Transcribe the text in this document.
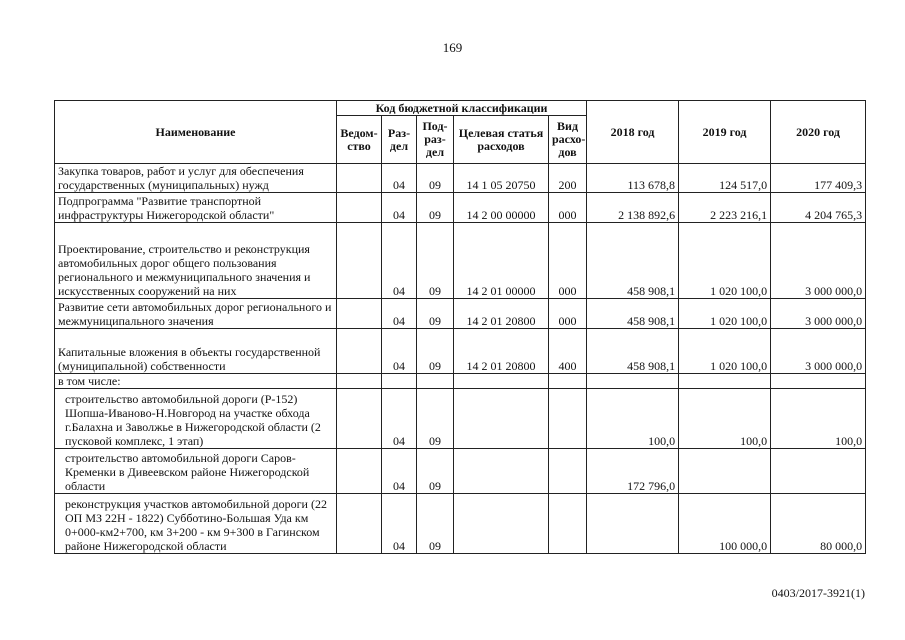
169
Наименование	Код бюджетной классификации					2018 год	2019 год	2020 год
	Ведом-ство	Раз-дел	Под-раз-дел	Целевая статья расходов	Вид расхо-дов			
Закупка товаров, работ и услуг для обеспечения государственных (муниципальных) нужд		04	09	14 1 05 20750	200	113 678,8	124 517,0	177 409,3
Подпрограмма "Развитие транспортной инфраструктуры Нижегородской области"		04	09	14 2 00 00000	000	2 138 892,6	2 223 216,1	4 204 765,3
Проектирование, строительство и реконструкция автомобильных дорог общего пользования регионального и межмуниципального значения и искусственных сооружений на них		04	09	14 2 01 00000	000	458 908,1	1 020 100,0	3 000 000,0
Развитие сети автомобильных дорог регионального и межмуниципального значения		04	09	14 2 01 20800	000	458 908,1	1 020 100,0	3 000 000,0
Капитальные вложения в объекты государственной (муниципальной) собственности		04	09	14 2 01 20800	400	458 908,1	1 020 100,0	3 000 000,0
в том числе:								
строительство автомобильной дороги (Р-152) Шопша-Иваново-Н.Новгород на участке обхода г.Балахна и Заволжье в Нижегородской области (2 пусковой комплекс, 1 этап)		04	09			100,0	100,0	100,0
строительство автомобильной дороги Саров-Кременки в Дивеевском районе Нижегородской области		04	09			172 796,0		
реконструкция участков автомобильной дороги (22 ОП МЗ 22Н - 1822) Субботино-Большая Уда км 0+000-км2+700, км 3+200 - км 9+300 в Гагинском районе Нижегородской области		04	09				100 000,0	80 000,0
0403/2017-3921(1)
